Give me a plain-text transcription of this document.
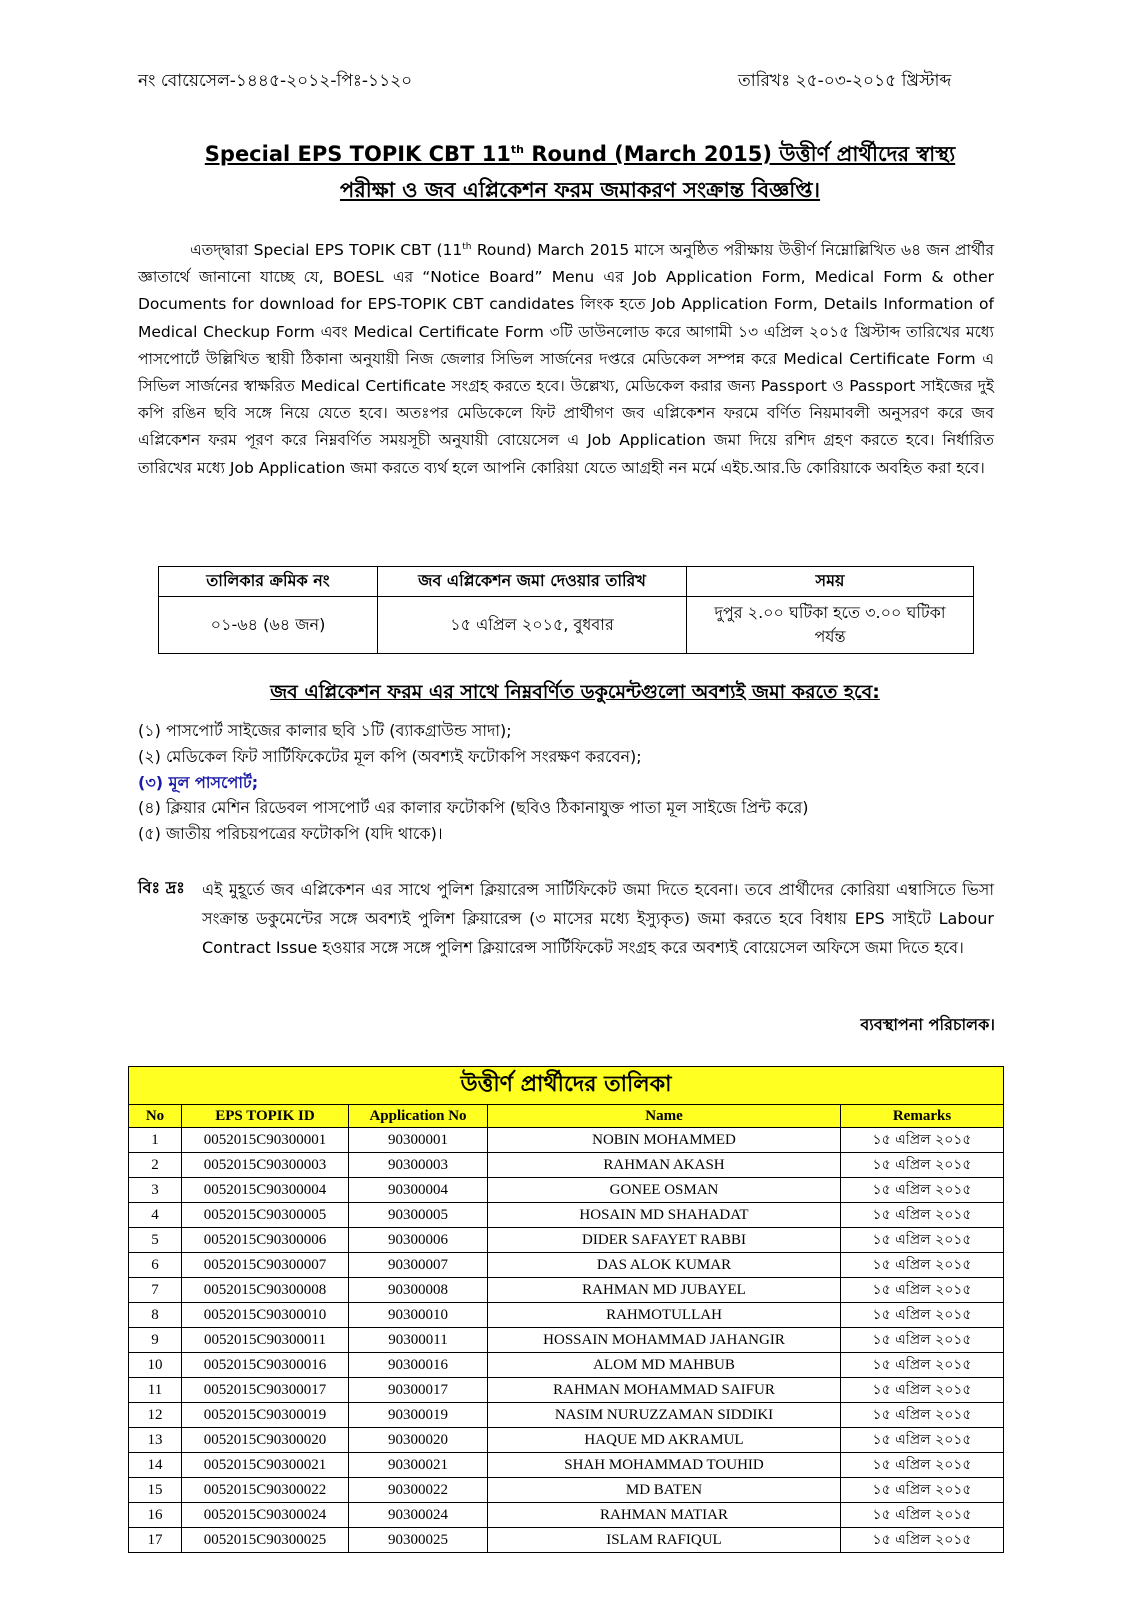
নং বোয়েসেল-১৪৪৫-২০১২-পিঃ-১১২০	তারিখঃ ২৫-০৩-২০১৫ খ্রিস্টাব্দ
Special EPS TOPIK CBT 11th Round (March 2015) উত্তীর্ণ প্রার্থীদের স্বাস্থ্য
পরীক্ষা ও জব এপ্লিকেশন ফরম জমাকরণ সংক্রান্ত বিজ্ঞপ্তি।
এতদ্দ্বারা Special EPS TOPIK CBT (11th Round) March 2015 মাসে অনুষ্ঠিত পরীক্ষায় উত্তীর্ণ নিম্নোল্লিখিত ৬৪ জন প্রার্থীর জ্ঞাতার্থে জানানো যাচ্ছে যে, BOESL এর “Notice Board” Menu এর Job Application Form, Medical Form & other Documents for download for EPS-TOPIK CBT candidates লিংক হতে Job Application Form, Details Information of Medical Checkup Form এবং Medical Certificate Form ৩টি ডাউনলোড করে আগামী ১৩ এপ্রিল ২০১৫ খ্রিস্টাব্দ তারিখের মধ্যে পাসপোর্টে উল্লিখিত স্থায়ী ঠিকানা অনুযায়ী নিজ জেলার সিভিল সার্জনের দপ্তরে মেডিকেল সম্পন্ন করে Medical Certificate Form এ সিভিল সার্জনের স্বাক্ষরিত Medical Certificate সংগ্রহ করতে হবে। উল্লেখ্য, মেডিকেল করার জন্য Passport ও Passport সাইজের দুই কপি রঙিন ছবি সঙ্গে নিয়ে যেতে হবে। অতঃপর মেডিকেলে ফিট প্রার্থীগণ জব এপ্লিকেশন ফরমে বর্ণিত নিয়মাবলী অনুসরণ করে জব এপ্লিকেশন ফরম পূরণ করে নিম্নবর্ণিত সময়সূচী অনুযায়ী বোয়েসেল এ Job Application জমা দিয়ে রশিদ গ্রহণ করতে হবে। নির্ধারিত তারিখের মধ্যে Job Application জমা করতে ব্যর্থ হলে আপনি কোরিয়া যেতে আগ্রহী নন মর্মে এইচ.আর.ডি কোরিয়াকে অবহিত করা হবে।
তালিকার ক্রমিক নং	জব এপ্লিকেশন জমা দেওয়ার তারিখ	সময়
০১-৬৪ (৬৪ জন)	১৫ এপ্রিল ২০১৫, বুধবার	দুপুর ২.০০ ঘটিকা হতে ৩.০০ ঘটিকা পর্যন্ত
জব এপ্লিকেশন ফরম এর সাথে নিম্নবর্ণিত ডকুমেন্টগুলো অবশ্যই জমা করতে হবে:
(১) পাসপোর্ট সাইজের কালার ছবি ১টি (ব্যাকগ্রাউন্ড সাদা);
(২) মেডিকেল ফিট সার্টিফিকেটের মূল কপি (অবশ্যই ফটোকপি সংরক্ষণ করবেন);
(৩) মূল পাসপোর্ট;
(৪) ক্লিয়ার মেশিন রিডেবল পাসপোর্ট এর কালার ফটোকপি (ছবিও ঠিকানাযুক্ত পাতা মূল সাইজে প্রিন্ট করে)
(৫) জাতীয় পরিচয়পত্রের ফটোকপি (যদি থাকে)।
বিঃ দ্রঃ এই মুহূর্তে জব এপ্লিকেশন এর সাথে পুলিশ ক্লিয়ারেন্স সার্টিফিকেট জমা দিতে হবেনা। তবে প্রার্থীদের কোরিয়া এম্বাসিতে ভিসা সংক্রান্ত ডকুমেন্টের সঙ্গে অবশ্যই পুলিশ ক্লিয়ারেন্স (৩ মাসের মধ্যে ইস্যুকৃত) জমা করতে হবে বিধায় EPS সাইটে Labour Contract Issue হওয়ার সঙ্গে সঙ্গে পুলিশ ক্লিয়ারেন্স সার্টিফিকেট সংগ্রহ করে অবশ্যই বোয়েসেল অফিসে জমা দিতে হবে।
ব্যবস্থাপনা পরিচালক।
উত্তীর্ণ প্রার্থীদের তালিকা				
No	EPS TOPIK ID	Application No	Name	Remarks
1	0052015C90300001	90300001	NOBIN MOHAMMED	১৫ এপ্রিল ২০১৫
2	0052015C90300003	90300003	RAHMAN AKASH	১৫ এপ্রিল ২০১৫
3	0052015C90300004	90300004	GONEE OSMAN	১৫ এপ্রিল ২০১৫
4	0052015C90300005	90300005	HOSAIN MD SHAHADAT	১৫ এপ্রিল ২০১৫
5	0052015C90300006	90300006	DIDER SAFAYET RABBI	১৫ এপ্রিল ২০১৫
6	0052015C90300007	90300007	DAS ALOK KUMAR	১৫ এপ্রিল ২০১৫
7	0052015C90300008	90300008	RAHMAN MD JUBAYEL	১৫ এপ্রিল ২০১৫
8	0052015C90300010	90300010	RAHMOTULLAH	১৫ এপ্রিল ২০১৫
9	0052015C90300011	90300011	HOSSAIN MOHAMMAD JAHANGIR	১৫ এপ্রিল ২০১৫
10	0052015C90300016	90300016	ALOM MD MAHBUB	১৫ এপ্রিল ২০১৫
11	0052015C90300017	90300017	RAHMAN MOHAMMAD SAIFUR	১৫ এপ্রিল ২০১৫
12	0052015C90300019	90300019	NASIM NURUZZAMAN SIDDIKI	১৫ এপ্রিল ২০১৫
13	0052015C90300020	90300020	HAQUE MD AKRAMUL	১৫ এপ্রিল ২০১৫
14	0052015C90300021	90300021	SHAH MOHAMMAD TOUHID	১৫ এপ্রিল ২০১৫
15	0052015C90300022	90300022	MD BATEN	১৫ এপ্রিল ২০১৫
16	0052015C90300024	90300024	RAHMAN MATIAR	১৫ এপ্রিল ২০১৫
17	0052015C90300025	90300025	ISLAM RAFIQUL	১৫ এপ্রিল ২০১৫
